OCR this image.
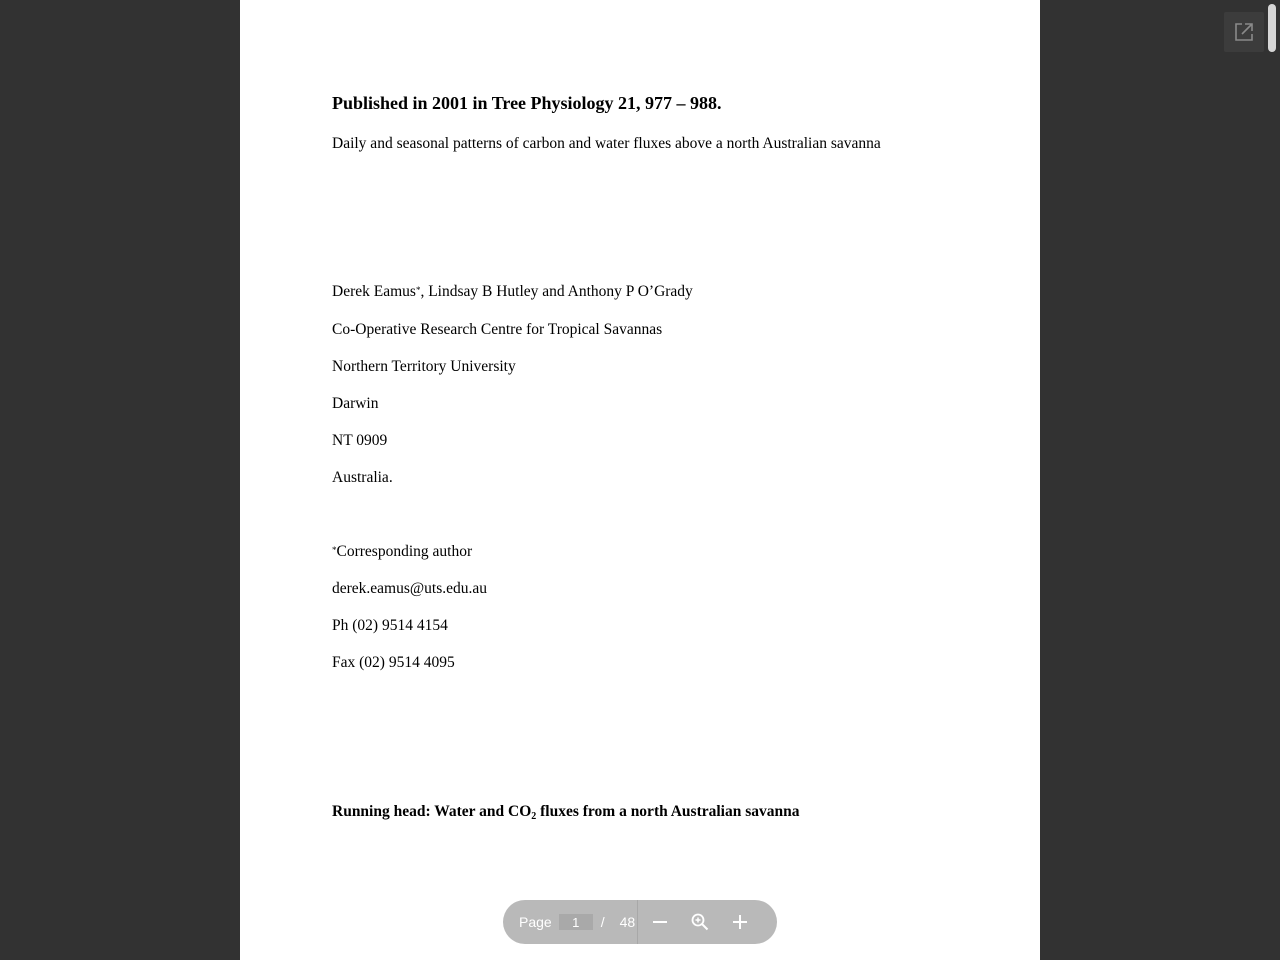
Published in 2001 in Tree Physiology 21, 977 – 988.

Daily and seasonal patterns of carbon and water fluxes above a north Australian savanna

Derek Eamus*, Lindsay B Hutley and Anthony P O’Grady

Co-Operative Research Centre for Tropical Savannas

Northern Territory University

Darwin

NT 0909

Australia.

*Corresponding author

derek.eamus@uts.edu.au

Ph (02) 9514 4154

Fax (02) 9514 4095

Running head: Water and $CO_2$ fluxes from a north Australian savanna

Page
1	/ 48
